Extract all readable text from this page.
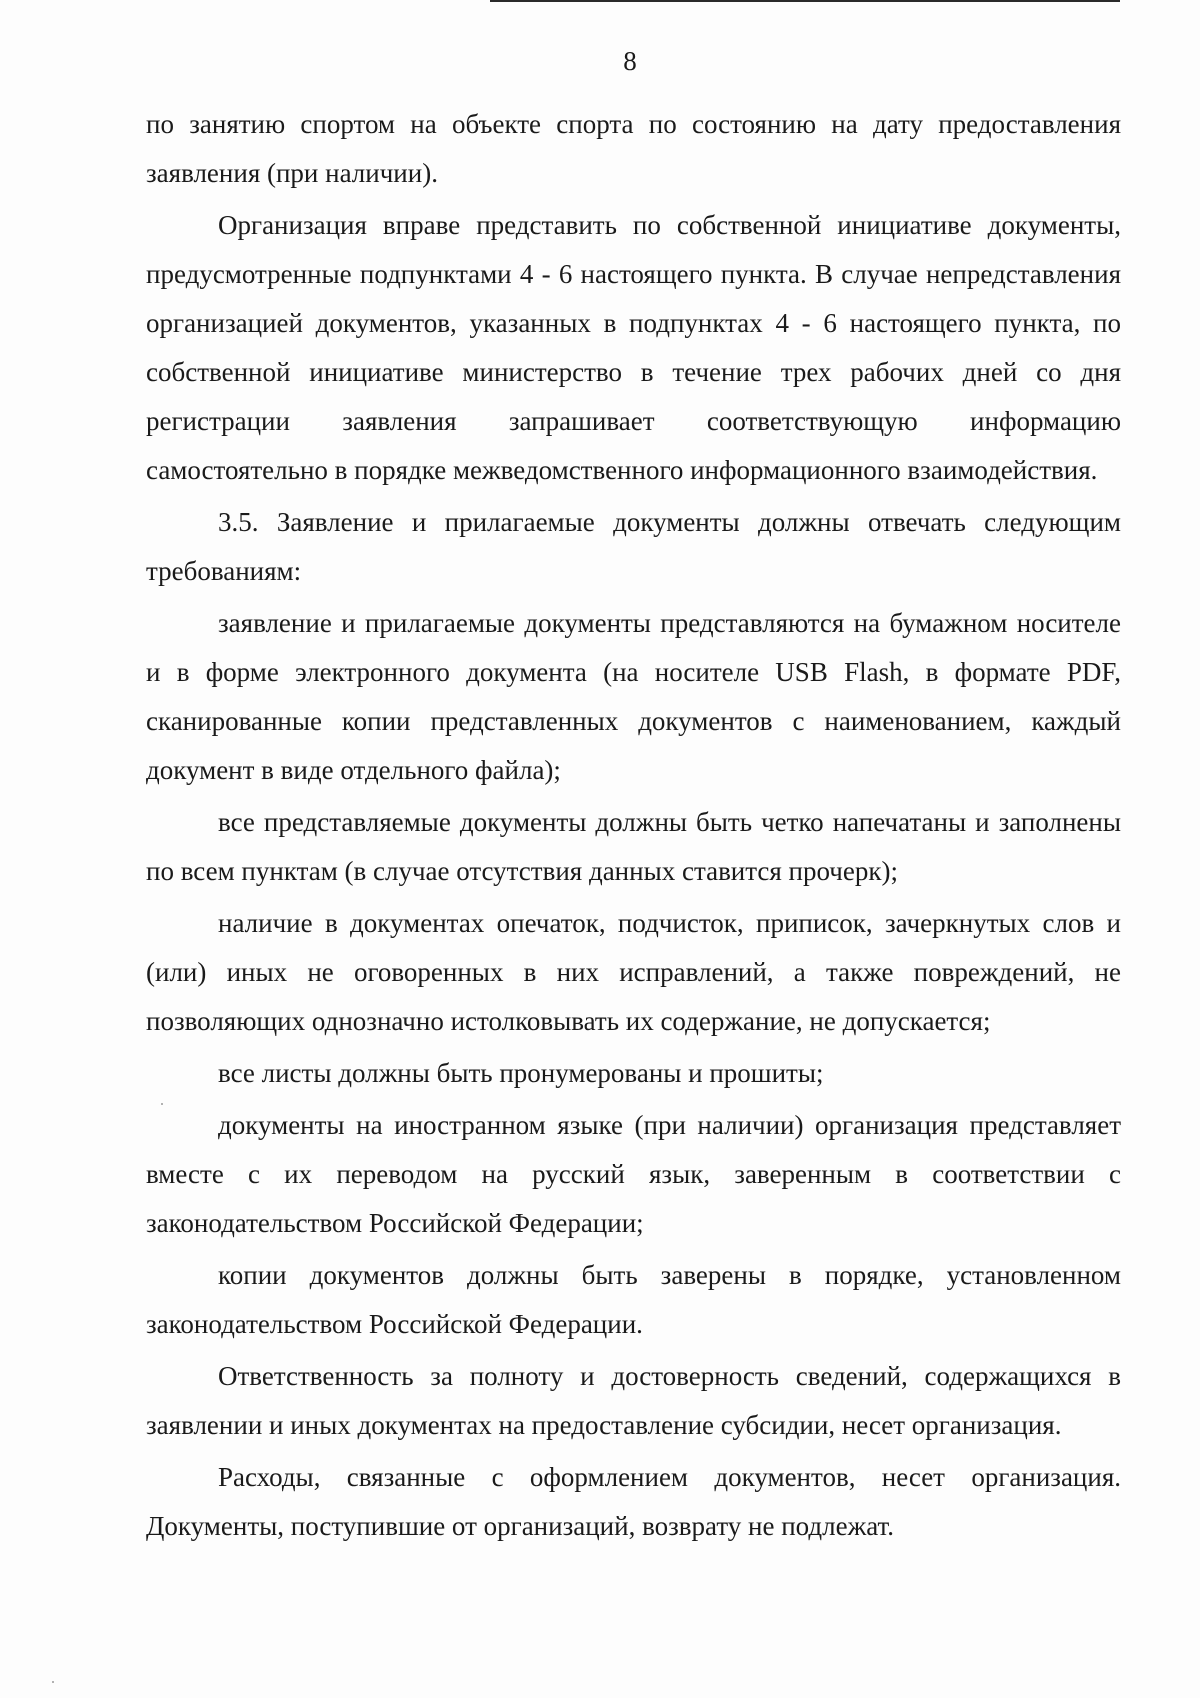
8

по занятию спортом на объекте спорта по состоянию на дату предоставления заявления (при наличии).

Организация вправе представить по собственной инициативе документы, предусмотренные подпунктами 4 - 6 настоящего пункта. В случае непредставления организацией документов, указанных в подпунктах 4 - 6 настоящего пункта, по собственной инициативе министерство в течение трех рабочих дней со дня регистрации заявления запрашивает соответствующую информацию самостоятельно в порядке межведомственного информационного взаимодействия.

3.5. Заявление и прилагаемые документы должны отвечать следующим требованиям:

заявление и прилагаемые документы представляются на бумажном носителе и в форме электронного документа (на носителе USB Flash, в формате PDF, сканированные копии представленных документов с наименованием, каждый документ в виде отдельного файла);

все представляемые документы должны быть четко напечатаны и заполнены по всем пунктам (в случае отсутствия данных ставится прочерк);

наличие в документах опечаток, подчисток, приписок, зачеркнутых слов и (или) иных не оговоренных в них исправлений, а также повреждений, не позволяющих однозначно истолковывать их содержание, не допускается;

все листы должны быть пронумерованы и прошиты;

документы на иностранном языке (при наличии) организация представляет вместе с их переводом на русский язык, заверенным в соответствии с законодательством Российской Федерации;

копии документов должны быть заверены в порядке, установленном законодательством Российской Федерации.

Ответственность за полноту и достоверность сведений, содержащихся в заявлении и иных документах на предоставление субсидии, несет организация.

Расходы, связанные с оформлением документов, несет организация. Документы, поступившие от организаций, возврату не подлежат.
